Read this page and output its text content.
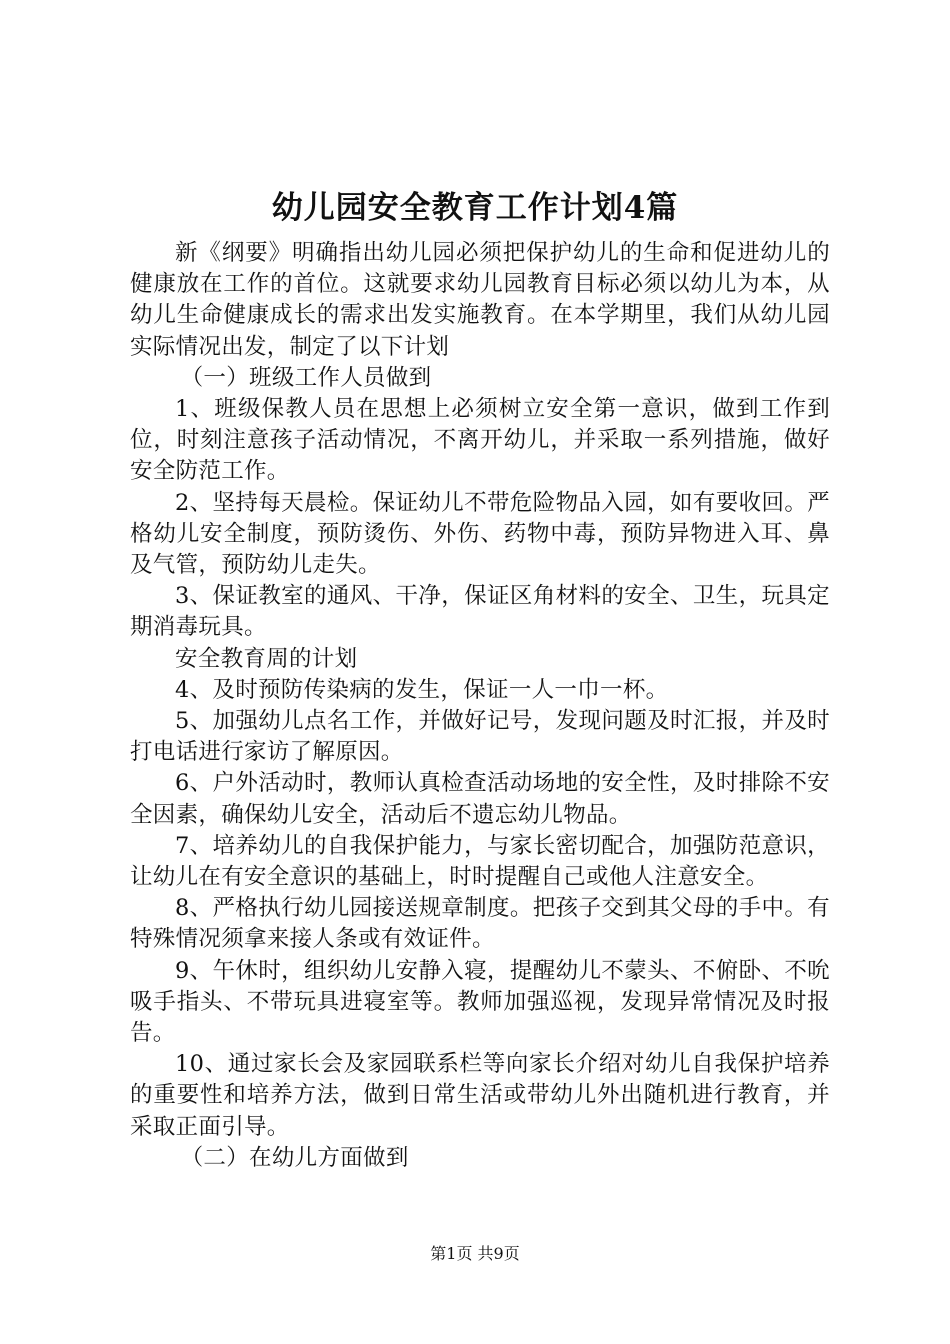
幼儿园安全教育工作计划4篇

新《纲要》明确指出幼儿园必须把保护幼儿的生命和促进幼儿的健康放在工作的首位。这就要求幼儿园教育目标必须以幼儿为本，从幼儿生命健康成长的需求出发实施教育。在本学期里，我们从幼儿园实际情况出发，制定了以下计划

（一）班级工作人员做到

1、班级保教人员在思想上必须树立安全第一意识，做到工作到位，时刻注意孩子活动情况，不离开幼儿，并采取一系列措施，做好安全防范工作。

2、坚持每天晨检。保证幼儿不带危险物品入园，如有要收回。严格幼儿安全制度，预防烫伤、外伤、药物中毒，预防异物进入耳、鼻及气管，预防幼儿走失。

3、保证教室的通风、干净，保证区角材料的安全、卫生，玩具定期消毒玩具。

安全教育周的计划

4、及时预防传染病的发生，保证一人一巾一杯。

5、加强幼儿点名工作，并做好记号，发现问题及时汇报，并及时打电话进行家访了解原因。

6、户外活动时，教师认真检查活动场地的安全性，及时排除不安全因素，确保幼儿安全，活动后不遗忘幼儿物品。

7、培养幼儿的自我保护能力，与家长密切配合，加强防范意识，让幼儿在有安全意识的基础上，时时提醒自己或他人注意安全。

8、严格执行幼儿园接送规章制度。把孩子交到其父母的手中。有特殊情况须拿来接人条或有效证件。

9、午休时，组织幼儿安静入寝，提醒幼儿不蒙头、不俯卧、不吮吸手指头、不带玩具进寝室等。教师加强巡视，发现异常情况及时报告。

10、通过家长会及家园联系栏等向家长介绍对幼儿自我保护培养的重要性和培养方法，做到日常生活或带幼儿外出随机进行教育，并采取正面引导。

（二）在幼儿方面做到

第1页 共9页
